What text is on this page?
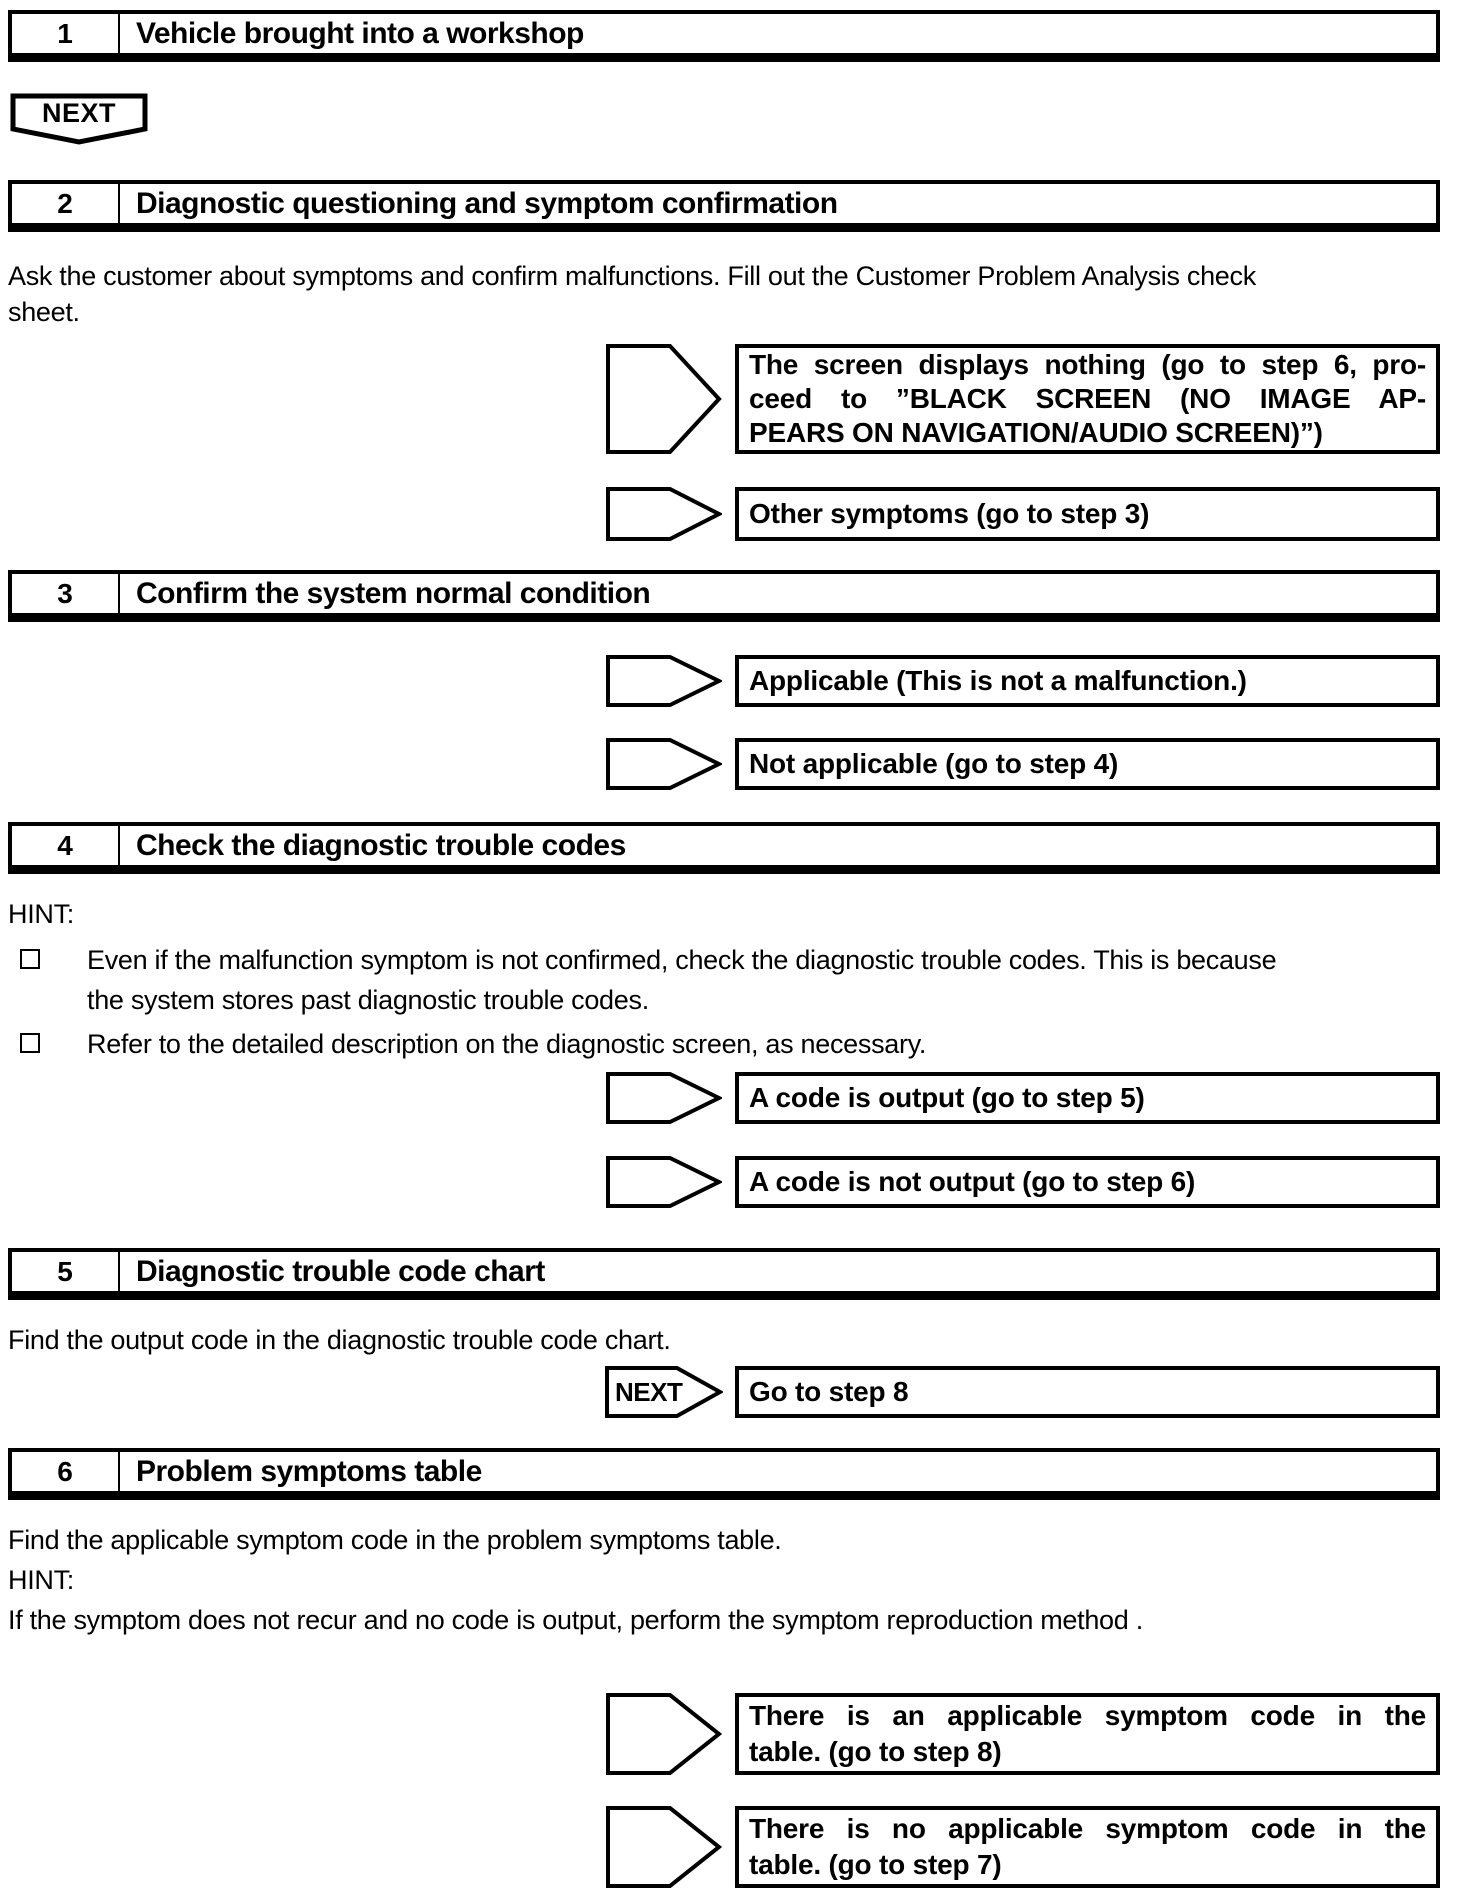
1	Vehicle brought into a workshop
NEXT
2	Diagnostic questioning and symptom confirmation
Ask the customer about symptoms and confirm malfunctions. Fill out the Customer Problem Analysis check
sheet.
The screen displays nothing (go to step 6, pro-
ceed to ”BLACK SCREEN (NO IMAGE AP-
PEARS ON NAVIGATION/AUDIO SCREEN)”)
Other symptoms (go to step 3)
3	Confirm the system normal condition
Applicable (This is not a malfunction.)
Not applicable (go to step 4)
4	Check the diagnostic trouble codes
HINT:
Even if the malfunction symptom is not confirmed, check the diagnostic trouble codes. This is because
the system stores past diagnostic trouble codes.
Refer to the detailed description on the diagnostic screen, as necessary.
A code is output (go to step 5)
A code is not output (go to step 6)
5	Diagnostic trouble code chart
Find the output code in the diagnostic trouble code chart.
NEXT Go to step 8
6	Problem symptoms table
Find the applicable symptom code in the problem symptoms table.
HINT:
If the symptom does not recur and no code is output, perform the symptom reproduction method .
There is an applicable symptom code in the
table. (go to step 8)
There is no applicable symptom code in the
table. (go to step 7)
